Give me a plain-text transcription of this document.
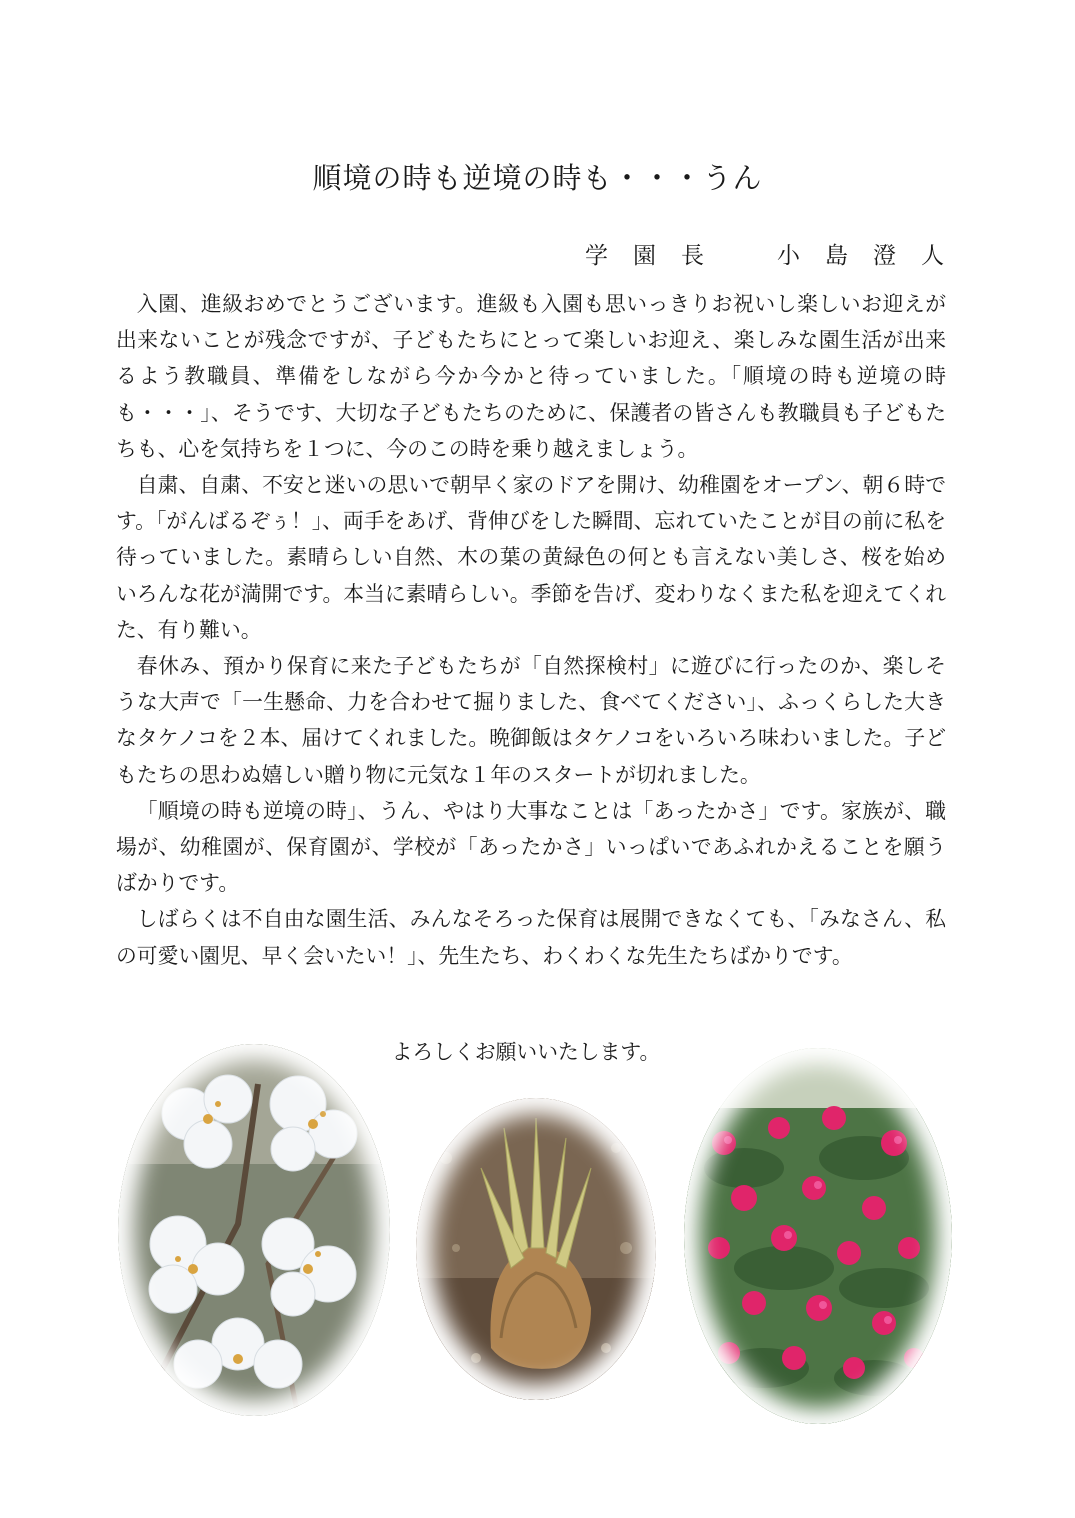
順境の時も逆境の時も・・・うん
学　園　長　　　	小　島　澄　人

入園、進級おめでとうございます。進級も入園も思いっきりお祝いし楽しいお迎えが出来ないことが残念ですが、子どもたちにとって楽しいお迎え、楽しみな園生活が出来るよう教職員、準備をしながら今か今かと待っていました。「順境の時も逆境の時も・・・」、そうです、大切な子どもたちのために、保護者の皆さんも教職員も子どもたちも、心を気持ちを１つに、今のこの時を乗り越えましょう。

自粛、自粛、不安と迷いの思いで朝早く家のドアを開け、幼稚園をオープン、朝６時です。「がんばるぞぅ！」、両手をあげ、背伸びをした瞬間、忘れていたことが目の前に私を待っていました。素晴らしい自然、木の葉の黄緑色の何とも言えない美しさ、桜を始めいろんな花が満開です。本当に素晴らしい。季節を告げ、変わりなくまた私を迎えてくれた、有り難い。

春休み、預かり保育に来た子どもたちが「自然探検村」に遊びに行ったのか、楽しそうな大声で「一生懸命、力を合わせて掘りました、食べてください」、ふっくらした大きなタケノコを２本、届けてくれました。晩御飯はタケノコをいろいろ味わいました。子どもたちの思わぬ嬉しい贈り物に元気な１年のスタートが切れました。

「順境の時も逆境の時」、うん、やはり大事なことは「あったかさ」です。家族が、職場が、幼稚園が、保育園が、学校が「あったかさ」いっぱいであふれかえることを願うばかりです。

しばらくは不自由な園生活、みんなそろった保育は展開できなくても、「みなさん、私の可愛い園児、早く会いたい！」、先生たち、わくわくな先生たちばかりです。

よろしくお願いいたします。
